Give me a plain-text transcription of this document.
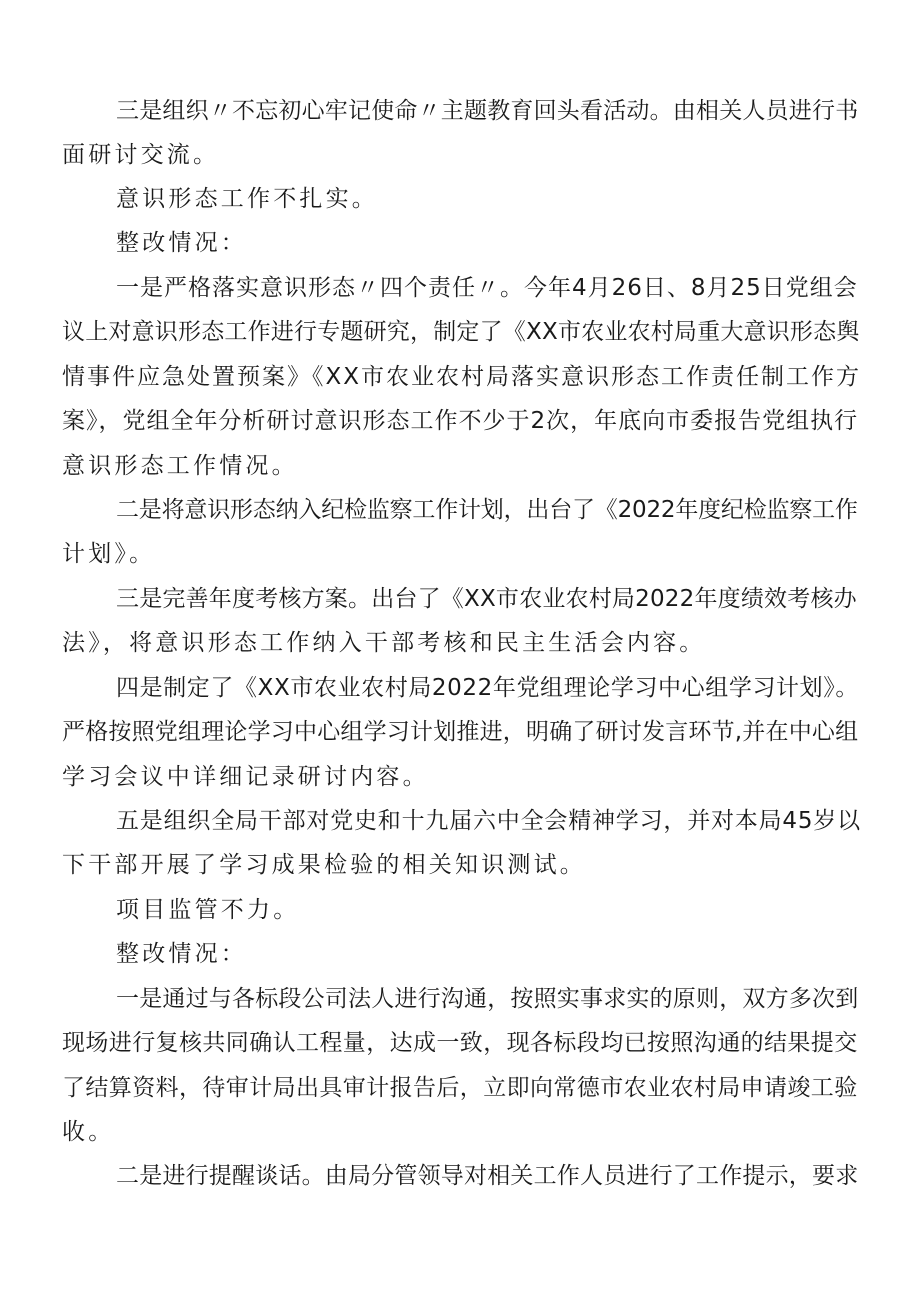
三是组织〃不忘初心牢记使命〃主题教育回头看活动。由相关人员进行书
面研讨交流。
意识形态工作不扎实。
整改情况：
一是严格落实意识形态〃四个责任〃。今年4月26日、8月25日党组会
议上对意识形态工作进行专题研究，制定了《XX市农业农村局重大意识形态舆
情事件应急处置预案》《XX市农业农村局落实意识形态工作责任制工作方
案》，党组全年分析研讨意识形态工作不少于2次，年底向市委报告党组执行
意识形态工作情况。
二是将意识形态纳入纪检监察工作计划，出台了《2022年度纪检监察工作
计划》。
三是完善年度考核方案。出台了《XX市农业农村局2022年度绩效考核办
法》，将意识形态工作纳入干部考核和民主生活会内容。
四是制定了《XX市农业农村局2022年党组理论学习中心组学习计划》。
严格按照党组理论学习中心组学习计划推进，明确了研讨发言环节,并在中心组
学习会议中详细记录研讨内容。
五是组织全局干部对党史和十九届六中全会精神学习，并对本局45岁以
下干部开展了学习成果检验的相关知识测试。
项目监管不力。
整改情况：
一是通过与各标段公司法人进行沟通，按照实事求实的原则，双方多次到
现场进行复核共同确认工程量，达成一致，现各标段均已按照沟通的结果提交
了结算资料，待审计局出具审计报告后，立即向常德市农业农村局申请竣工验
收。
二是进行提醒谈话。由局分管领导对相关工作人员进行了工作提示，要求
